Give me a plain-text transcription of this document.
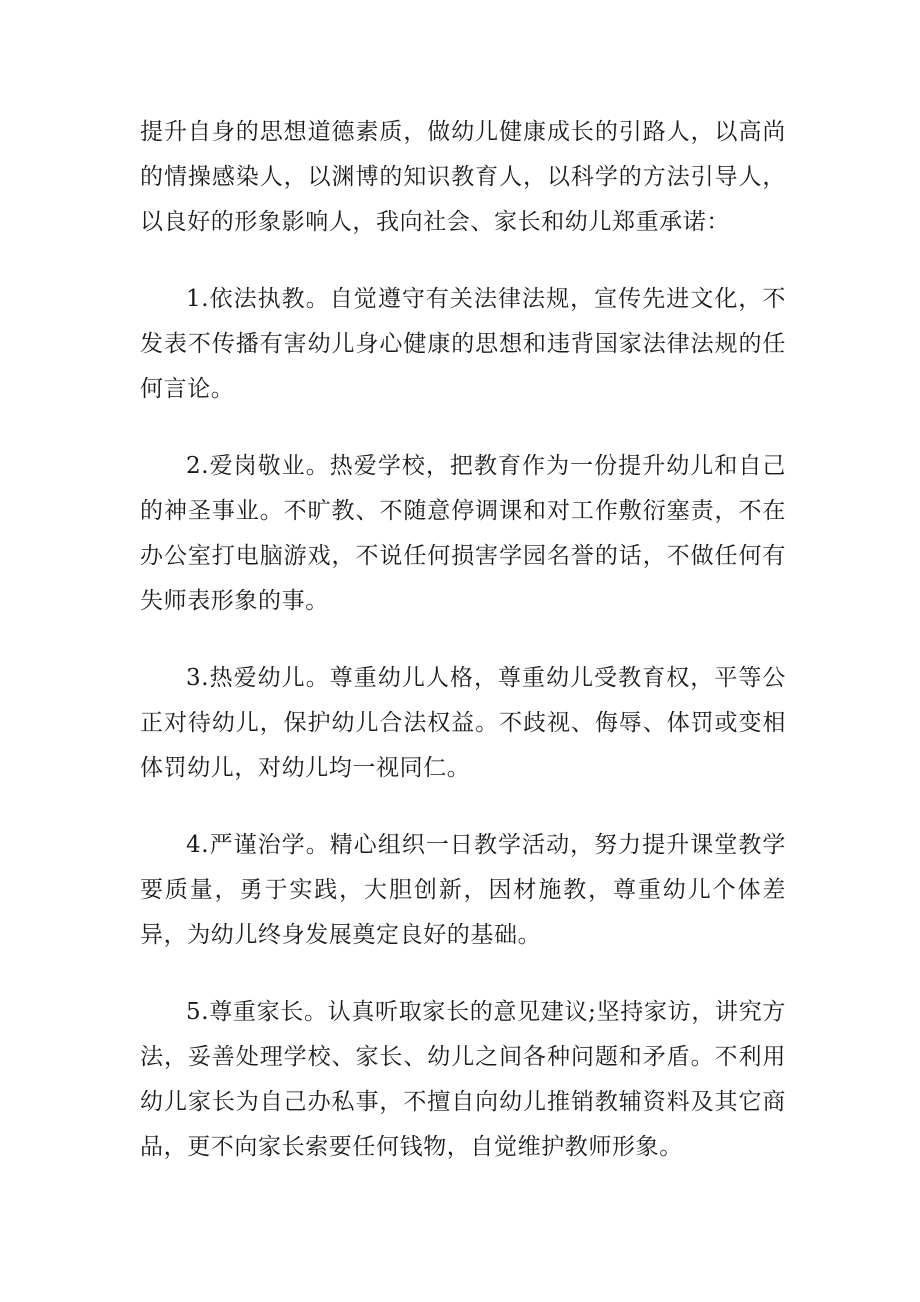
提升自身的思想道德素质，做幼儿健康成长的引路人，以高尚的情操感染人，以渊博的知识教育人，以科学的方法引导人，以良好的形象影响人，我向社会、家长和幼儿郑重承诺：

1.依法执教。自觉遵守有关法律法规，宣传先进文化，不发表不传播有害幼儿身心健康的思想和违背国家法律法规的任何言论。

2.爱岗敬业。热爱学校，把教育作为一份提升幼儿和自己的神圣事业。不旷教、不随意停调课和对工作敷衍塞责，不在办公室打电脑游戏，不说任何损害学园名誉的话，不做任何有失师表形象的事。

3.热爱幼儿。尊重幼儿人格，尊重幼儿受教育权，平等公正对待幼儿，保护幼儿合法权益。不歧视、侮辱、体罚或变相体罚幼儿，对幼儿均一视同仁。

4.严谨治学。精心组织一日教学活动，努力提升课堂教学要质量，勇于实践，大胆创新，因材施教，尊重幼儿个体差异，为幼儿终身发展奠定良好的基础。

5.尊重家长。认真听取家长的意见建议;坚持家访，讲究方法，妥善处理学校、家长、幼儿之间各种问题和矛盾。不利用幼儿家长为自己办私事，不擅自向幼儿推销教辅资料及其它商品，更不向家长索要任何钱物，自觉维护教师形象。
